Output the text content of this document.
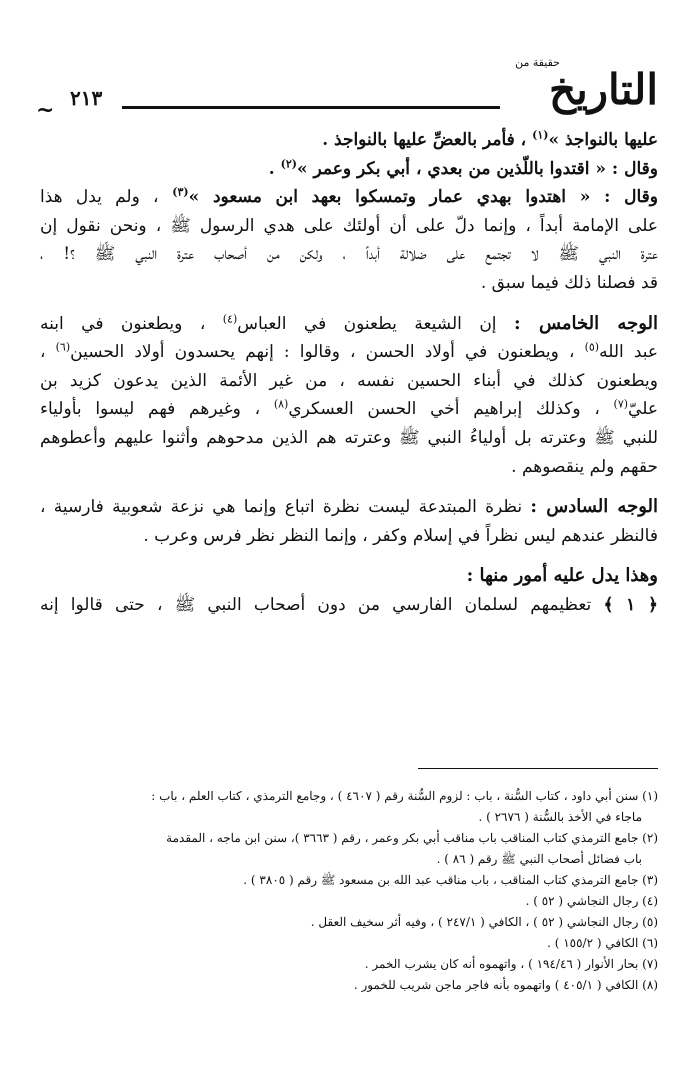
حقيقة من
التاريخ
٢١٣
~
عليها بالنواجذ »$^{(١)}$ ، فأمر بالعضِّ عليها بالنواجذ .
وقال : « اقتدوا باللّذين من بعدي ، أبي بكر وعمر »$^{(٢)}$ .
وقال : « اهتدوا بهدي عمار وتمسكوا بعهد ابن مسعود »$^{(٣)}$ ، ولم يدل هذا
على الإمامة أبداً ، وإنما دلّ على أن أولئك على هدي الرسول ﷺ ، ونحن نقول إن
عترة النبي ﷺ لا تجتمع على ضلالة أبداً ، ولكن من أصحاب عترة النبي ﷺ ؟! ،
قد فصلنا ذلك فيما سبق .
الوجه الخامس : إن الشيعة يطعنون في العباس$^{(٤)}$ ، ويطعنون في ابنه
عبد الله$^{(٥)}$ ، ويطعنون في أولاد الحسن ، وقالوا : إنهم يحسدون أولاد الحسين$^{(٦)}$ ،
ويطعنون كذلك في أبناء الحسين نفسه ، من غير الأئمة الذين يدعون كزيد بن
عليّ$^{(٧)}$ ، وكذلك إبراهيم أخي الحسن العسكري$^{(٨)}$ ، وغيرهم فهم ليسوا بأولياء
للنبي ﷺ وعترته بل أولياءُ النبي ﷺ وعترته هم الذين مدحوهم وأثنوا عليهم وأعطوهم
حقهم ولم ينقصوهم .
الوجه السادس : نظرة المبتدعة ليست نظرة اتباع وإنما هي نزعة شعوبية فارسية ،
فالنظر عندهم ليس نظراً في إسلام وكفر ، وإنما النظر نظر فرس وعرب .
وهذا يدل عليه أمور منها :
﴿ ١ ﴾ تعظيمهم لسلمان الفارسي من دون أصحاب النبي ﷺ ، حتى قالوا إنه
(١) سنن أبي داود ، كتاب السُّنة ، باب : لزوم السُّنة رقم ( ٤٦٠٧ ) ، وجامع الترمذي ، كتاب العلم ، باب :
ماجاء في الأخذ بالسُّنة ( ٢٦٧٦ ) .
(٢) جامع الترمذي كتاب المناقب باب مناقب أبي بكر وعمر ، رقم ( ٣٦٦٣ )، سنن ابن ماجه ، المقدمة
باب فضائل أصحاب النبي ﷺ رقم ( ٨٦ ) .
(٣) جامع الترمذي كتاب المناقب ، باب مناقب عبد الله بن مسعود ﷺ رقم ( ٣٨٠٥ ) .
(٤) رجال النجاشي ( ٥٢ ) .
(٥) رجال النجاشي ( ٥٢ ) ، الكافي ( ٢٤٧/١ ) ، وفيه أثر سخيف العقل .
(٦) الكافي ( ١٥٥/٢ ) .
(٧) بحار الأنوار ( ١٩٤/٤٦ ) ، واتهموه أنه كان يشرب الخمر .
(٨) الكافي ( ٤٠٥/١ ) واتهموه بأنه فاجر ماجن شريب للخمور .
